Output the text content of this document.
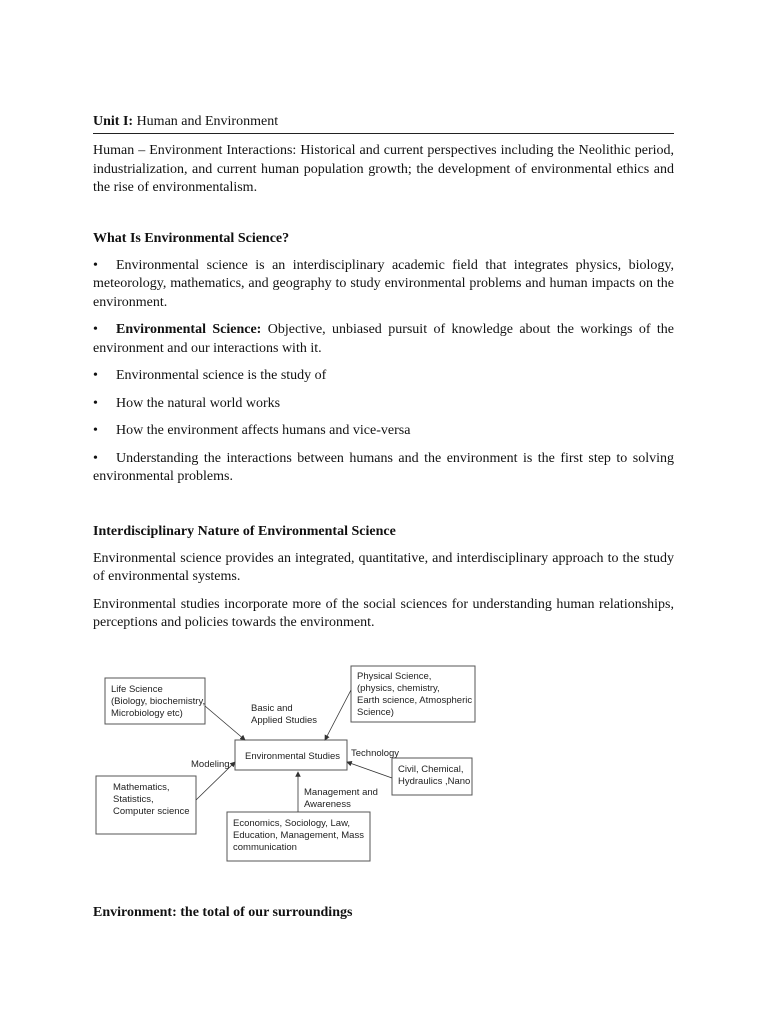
Unit I: Human and Environment

Human – Environment Interactions: Historical and current perspectives including the Neolithic period, industrialization, and current human population growth; the development of environmental ethics and the rise of environmentalism.

What Is Environmental Science?

• Environmental science is an interdisciplinary academic field that integrates physics, biology, meteorology, mathematics, and geography to study environmental problems and human impacts on the environment.

• Environmental Science: Objective, unbiased pursuit of knowledge about the workings of the environment and our interactions with it.

• Environmental science is the study of

• How the natural world works

• How the environment affects humans and vice-versa

• Understanding the interactions between humans and the environment is the first step to solving environmental problems.

Interdisciplinary Nature of Environmental Science

Environmental science provides an integrated, quantitative, and interdisciplinary approach to the study of environmental systems.

Environmental studies incorporate more of the social sciences for understanding human relationships, perceptions and policies towards the environment.

Life Science (Biology, biochemistry, Microbiology etc)
Physical Science, (physics, chemistry, Earth science, Atmospheric Science)
Environmental Studies
Mathematics, Statistics, Computer science
Civil, Chemical, Hydraulics ,Nano
Economics, Sociology, Law, Education, Management, Mass communication
Basic and Applied Studies
Modeling
Technology
Management and Awareness
Environment: the total of our surroundings
